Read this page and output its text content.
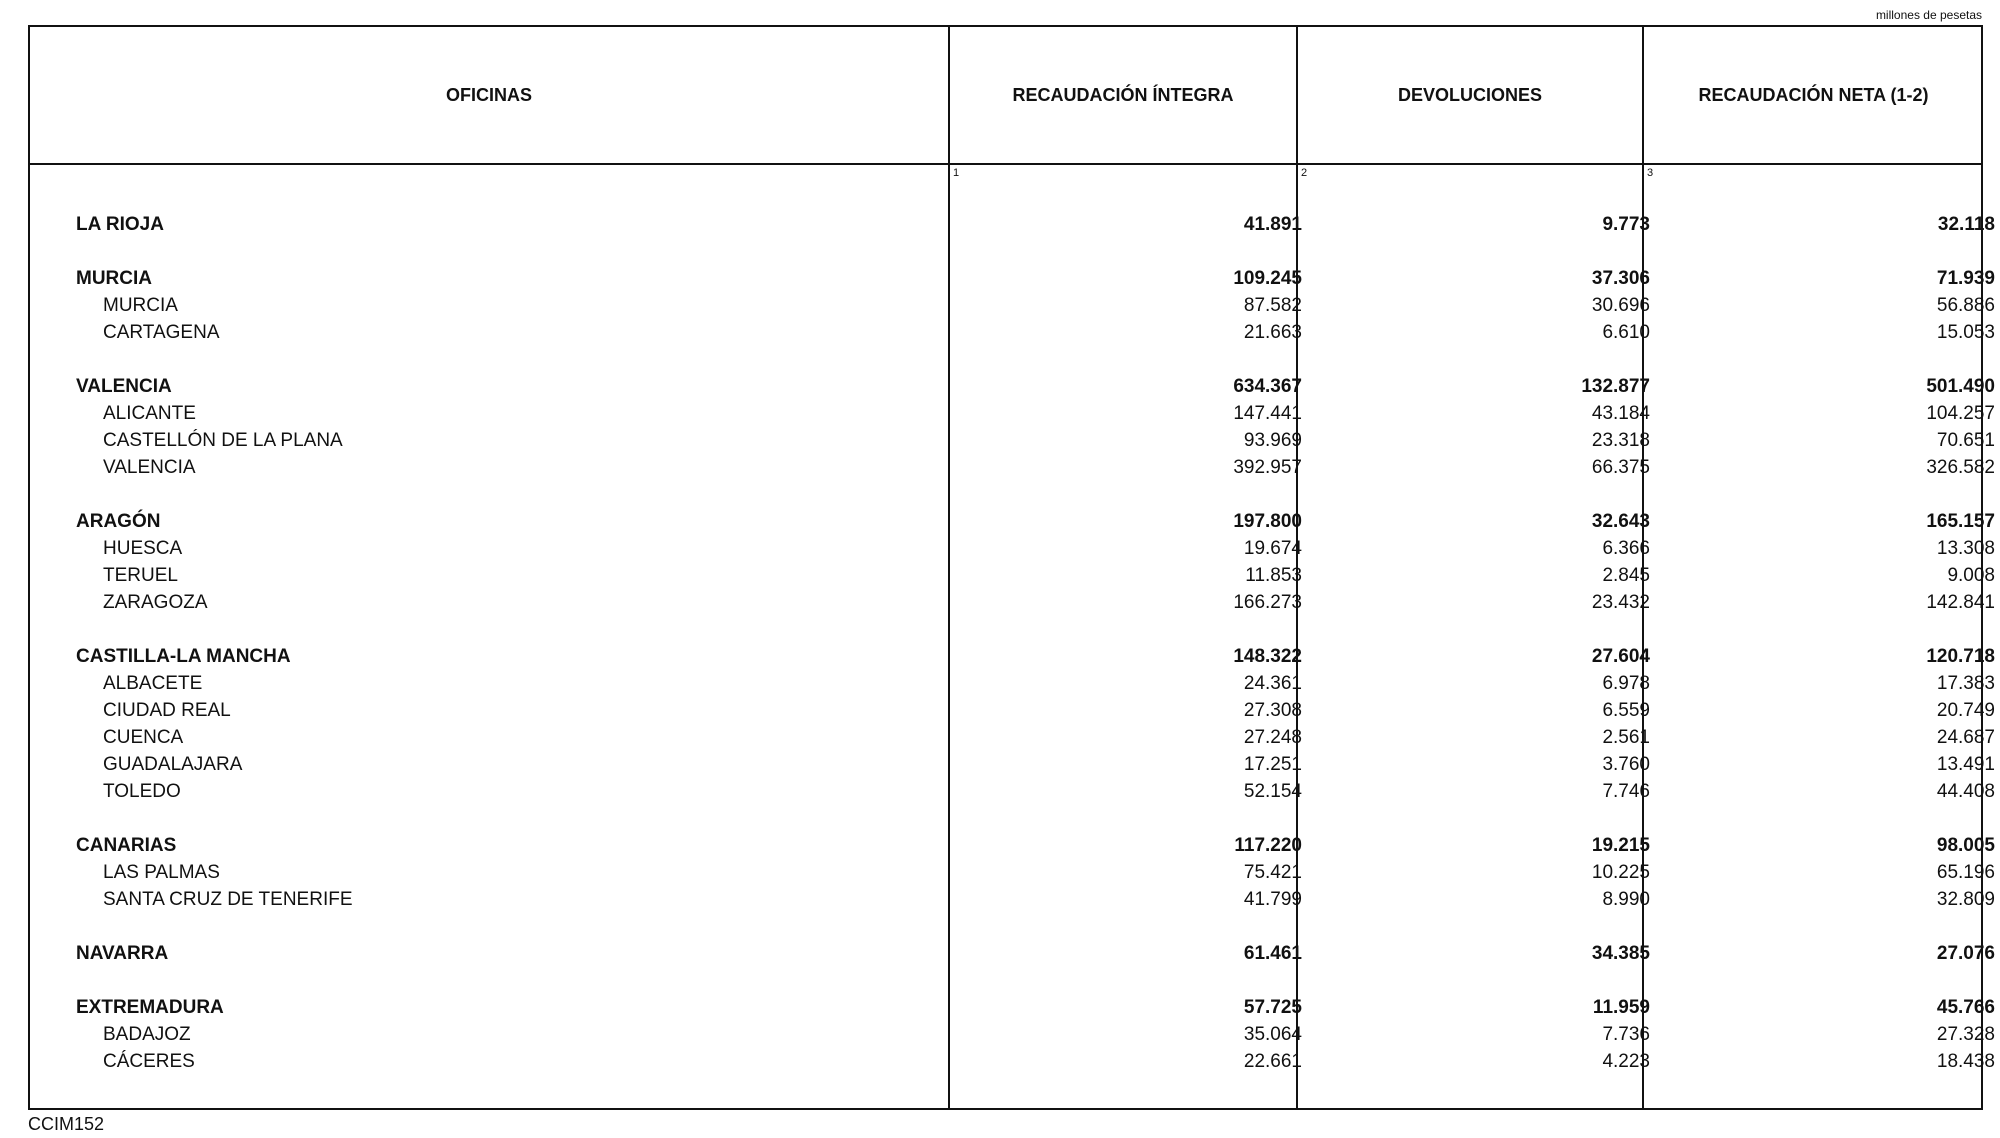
millones de pesetas
OFICINAS	RECAUDACIÓN ÍNTEGRA	DEVOLUCIONES	RECAUDACIÓN NETA (1-2)
1	2	3
LA RIOJA	41.891	9.773	32.118
MURCIA	109.245	37.306	71.939
MURCIA	87.582	30.696	56.886
CARTAGENA	21.663	6.610	15.053
VALENCIA	634.367	132.877	501.490
ALICANTE	147.441	43.184	104.257
CASTELLÓN DE LA PLANA	93.969	23.318	70.651
VALENCIA	392.957	66.375	326.582
ARAGÓN	197.800	32.643	165.157
HUESCA	19.674	6.366	13.308
TERUEL	11.853	2.845	9.008
ZARAGOZA	166.273	23.432	142.841
CASTILLA-LA MANCHA	148.322	27.604	120.718
ALBACETE	24.361	6.978	17.383
CIUDAD REAL	27.308	6.559	20.749
CUENCA	27.248	2.561	24.687
GUADALAJARA	17.251	3.760	13.491
TOLEDO	52.154	7.746	44.408
CANARIAS	117.220	19.215	98.005
LAS PALMAS	75.421	10.225	65.196
SANTA CRUZ DE TENERIFE	41.799	8.990	32.809
NAVARRA	61.461	34.385	27.076
EXTREMADURA	57.725	11.959	45.766
BADAJOZ	35.064	7.736	27.328
CÁCERES	22.661	4.223	18.438
CCIM152
